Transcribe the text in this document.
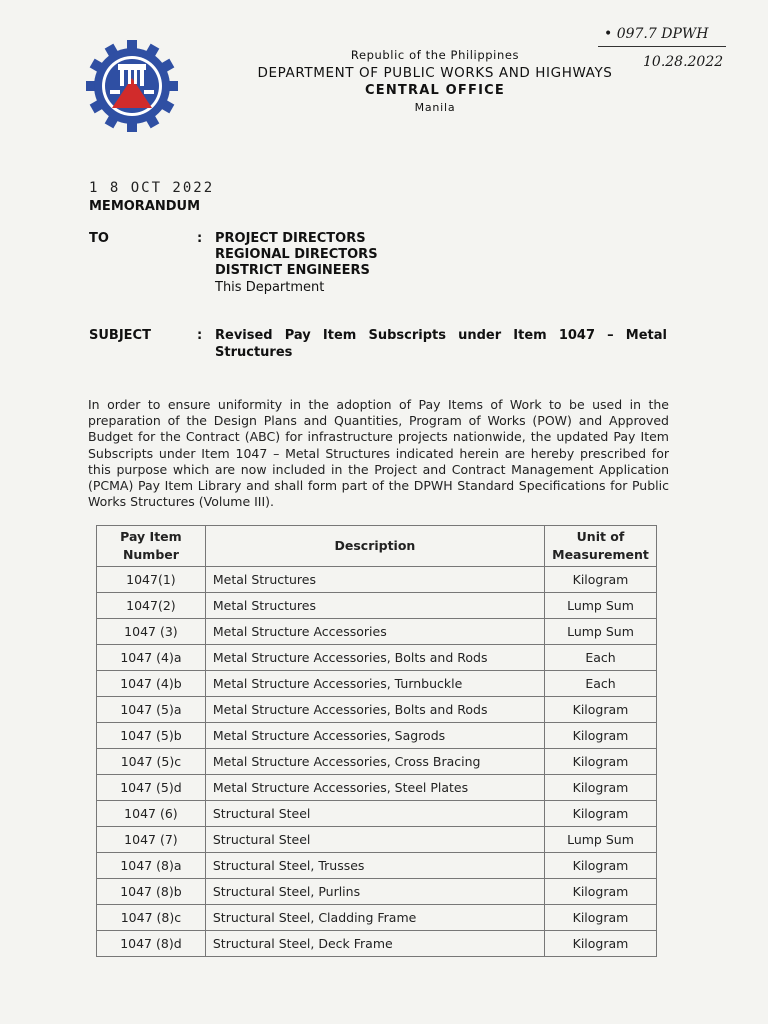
Republic of the Philippines
DEPARTMENT OF PUBLIC WORKS AND HIGHWAYS
CENTRAL OFFICE
Manila
• 097.7 DPWH
10.28.2022
1 8 OCT 2022
MEMORANDUM
TO	: PROJECT DIRECTORS
REGIONAL DIRECTORS
DISTRICT ENGINEERS
This Department
SUBJECT	: Revised Pay Item Subscripts under Item 1047 – Metal
Structures
In order to ensure uniformity in the adoption of Pay Items of Work to be used in the preparation of the Design Plans and Quantities, Program of Works (POW) and Approved Budget for the Contract (ABC) for infrastructure projects nationwide, the updated Pay Item Subscripts under Item 1047 – Metal Structures indicated herein are hereby prescribed for this purpose which are now included in the Project and Contract Management Application (PCMA) Pay Item Library and shall form part of the DPWH Standard Specifications for Public Works Structures (Volume III).
Pay Item
Number	Description	Unit of
Measurement
1047(1)	Metal Structures	Kilogram
1047(2)	Metal Structures	Lump Sum
1047 (3)	Metal Structure Accessories	Lump Sum
1047 (4)a	Metal Structure Accessories, Bolts and Rods	Each
1047 (4)b	Metal Structure Accessories, Turnbuckle	Each
1047 (5)a	Metal Structure Accessories, Bolts and Rods	Kilogram
1047 (5)b	Metal Structure Accessories, Sagrods	Kilogram
1047 (5)c	Metal Structure Accessories, Cross Bracing	Kilogram
1047 (5)d	Metal Structure Accessories, Steel Plates	Kilogram
1047 (6)	Structural Steel	Kilogram
1047 (7)	Structural Steel	Lump Sum
1047 (8)a	Structural Steel, Trusses	Kilogram
1047 (8)b	Structural Steel, Purlins	Kilogram
1047 (8)c	Structural Steel, Cladding Frame	Kilogram
1047 (8)d	Structural Steel, Deck Frame	Kilogram
